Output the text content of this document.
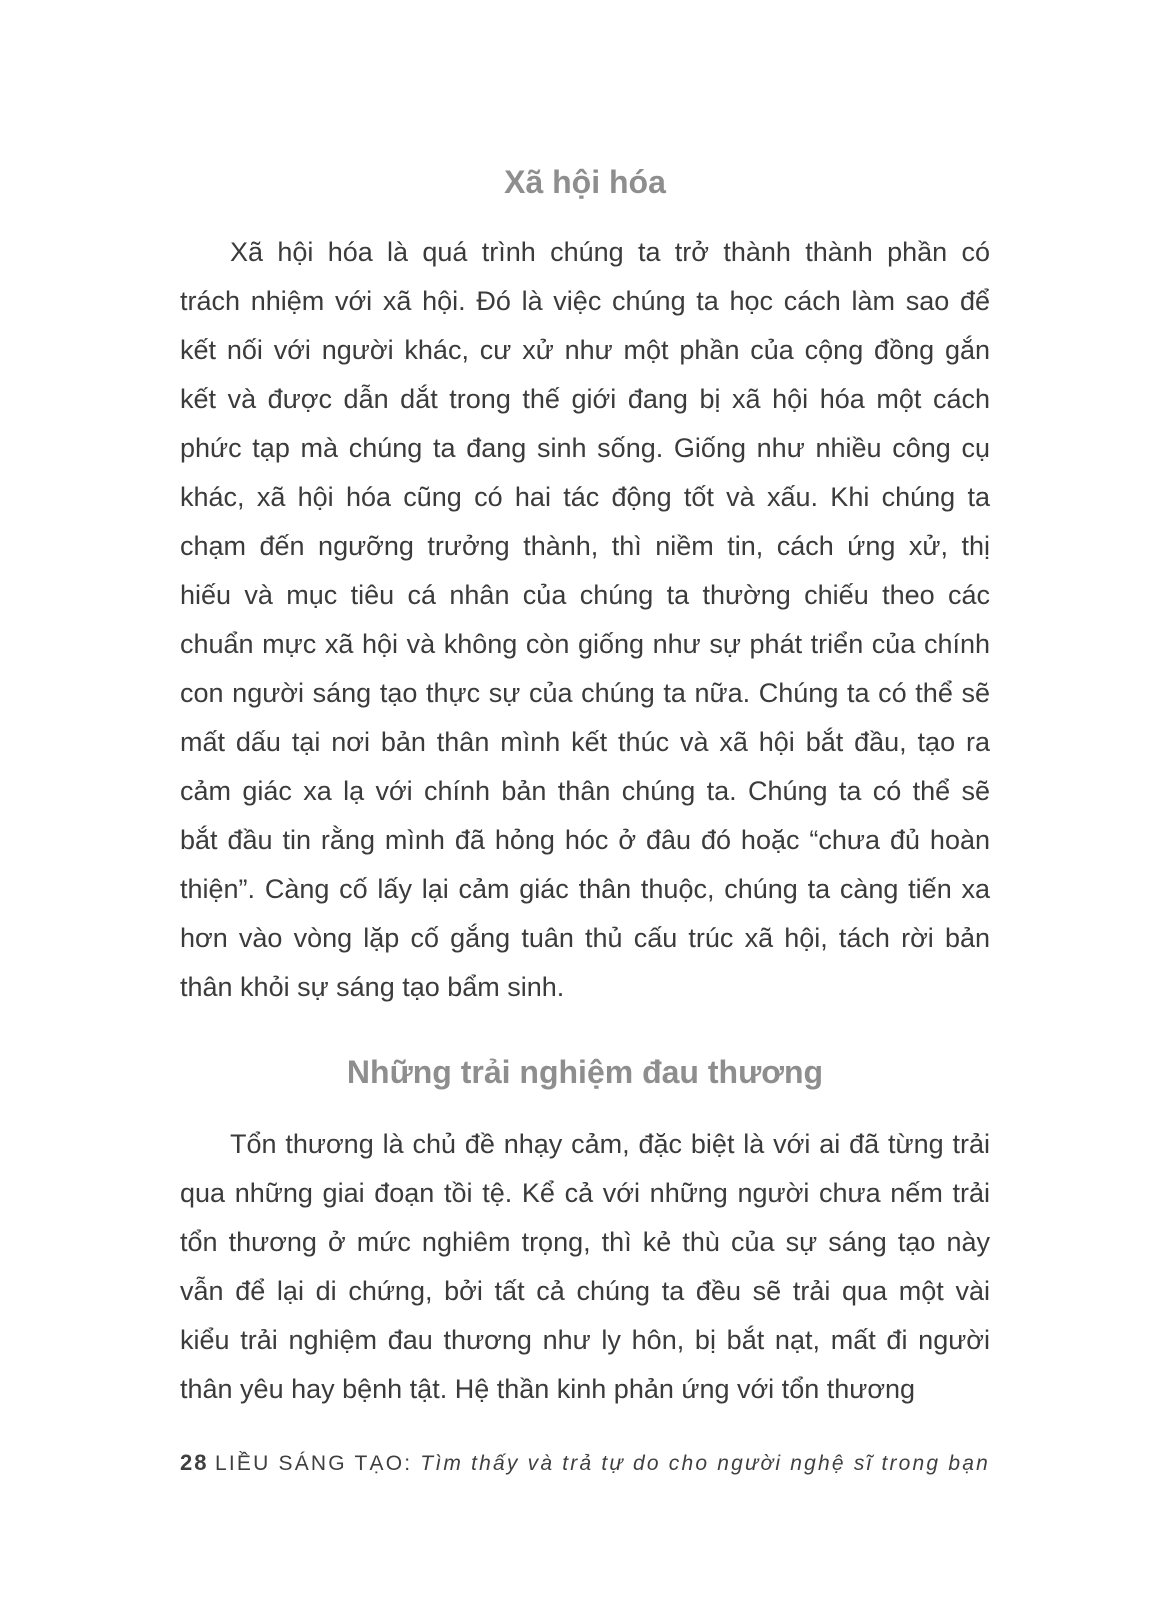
Xã hội hóa
Xã hội hóa là quá trình chúng ta trở thành thành phần có
trách nhiệm với xã hội. Đó là việc chúng ta học cách làm sao để
kết nối với người khác, cư xử như một phần của cộng đồng gắn
kết và được dẫn dắt trong thế giới đang bị xã hội hóa một cách
phức tạp mà chúng ta đang sinh sống. Giống như nhiều công cụ
khác, xã hội hóa cũng có hai tác động tốt và xấu. Khi chúng ta
chạm đến ngưỡng trưởng thành, thì niềm tin, cách ứng xử, thị
hiếu và mục tiêu cá nhân của chúng ta thường chiếu theo các
chuẩn mực xã hội và không còn giống như sự phát triển của chính
con người sáng tạo thực sự của chúng ta nữa. Chúng ta có thể sẽ
mất dấu tại nơi bản thân mình kết thúc và xã hội bắt đầu, tạo ra
cảm giác xa lạ với chính bản thân chúng ta. Chúng ta có thể sẽ
bắt đầu tin rằng mình đã hỏng hóc ở đâu đó hoặc “chưa đủ hoàn
thiện”. Càng cố lấy lại cảm giác thân thuộc, chúng ta càng tiến xa
hơn vào vòng lặp cố gắng tuân thủ cấu trúc xã hội, tách rời bản
thân khỏi sự sáng tạo bẩm sinh.
Những trải nghiệm đau thương
Tổn thương là chủ đề nhạy cảm, đặc biệt là với ai đã từng trải
qua những giai đoạn tồi tệ. Kể cả với những người chưa nếm trải
tổn thương ở mức nghiêm trọng, thì kẻ thù của sự sáng tạo này
vẫn để lại di chứng, bởi tất cả chúng ta đều sẽ trải qua một vài
kiểu trải nghiệm đau thương như ly hôn, bị bắt nạt, mất đi người
thân yêu hay bệnh tật. Hệ thần kinh phản ứng với tổn thương
28 LIỀU SÁNG TẠO: Tìm thấy và trả tự do cho người nghệ sĩ trong bạn
